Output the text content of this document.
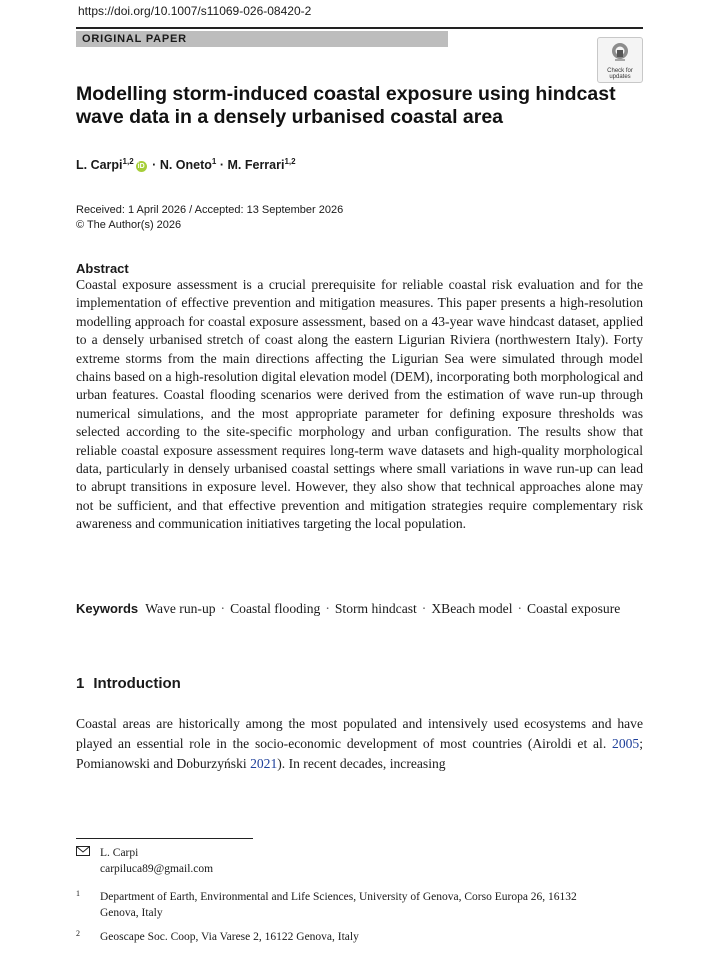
https://doi.org/10.1007/s11069-026-08420-2
ORIGINAL PAPER
Check for
updates
Modelling storm-induced coastal exposure using hindcast wave data in a densely urbanised coastal area
L. Carpi$^{1,2}$iD · N. Oneto$^1$ · M. Ferrari$^{1,2}$
Received: 1 April 2026 / Accepted: 13 September 2026
© The Author(s) 2026
Abstract

Coastal exposure assessment is a crucial prerequisite for reliable coastal risk evaluation and for the implementation of effective prevention and mitigation measures. This paper presents a high-resolution modelling approach for coastal exposure assessment, based on a 43-year wave hindcast dataset, applied to a densely urbanised stretch of coast along the eastern Ligurian Riviera (northwestern Italy). Forty extreme storms from the main directions affecting the Ligurian Sea were simulated through model chains based on a high-resolution digital elevation model (DEM), incorporating both morphological and urban features. Coastal flooding scenarios were derived from the estimation of wave run-up through numerical simulations, and the most appropriate parameter for defining exposure thresholds was selected according to the site-specific morphology and urban configuration. The results show that reliable coastal exposure assessment requires long-term wave datasets and high-quality morphological data, particularly in densely urbanised coastal settings where small variations in wave run-up can lead to abrupt transitions in exposure level. However, they also show that technical approaches alone may not be sufficient, and that effective prevention and mitigation strategies require complementary risk awareness and communication initiatives targeting the local population.

Keywords Wave run-up · Coastal flooding · Storm hindcast · XBeach model · Coastal exposure
1 Introduction

Coastal areas are historically among the most populated and intensively used ecosystems and have played an essential role in the socio-economic development of most countries (Airoldi et al. 2005; Pomianowski and Doburzyński 2021). In recent decades, increasing

L. Carpi
carpiluca89@gmail.com
1 Department of Earth, Environmental and Life Sciences, University of Genova, Corso Europa 26, 16132 Genova, Italy
2 Geoscape Soc. Coop, Via Varese 2, 16122 Genova, Italy
